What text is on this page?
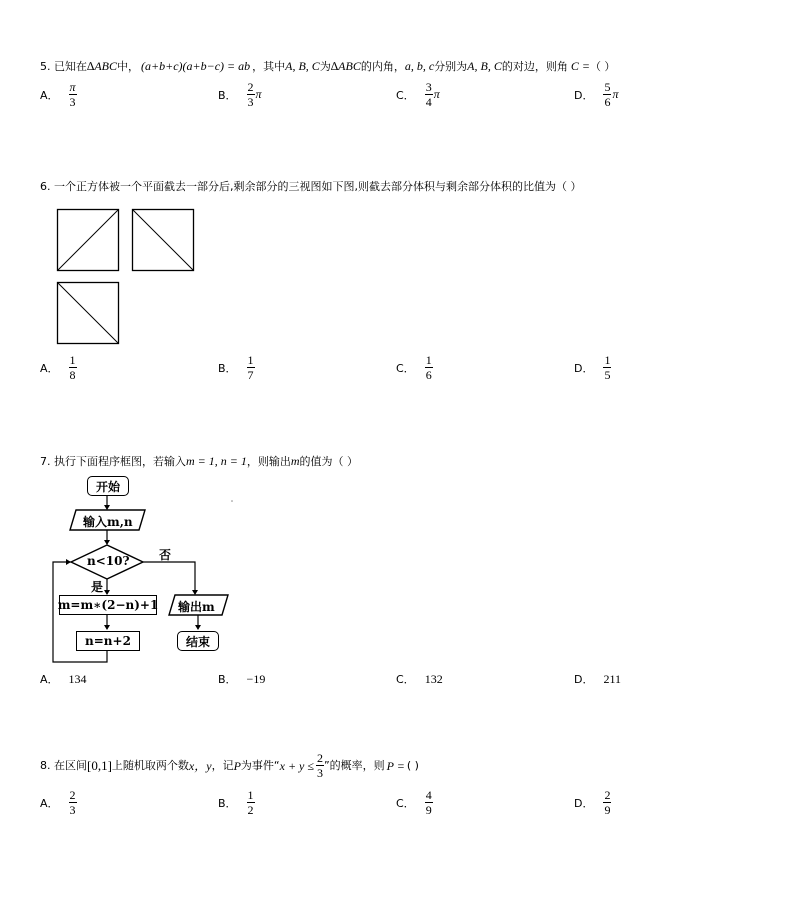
5. 已知在∆ABC中， (a+b+c)(a+b−c) = ab ，其中A, B, C为∆ABC的内角，a, b, c分别为A, B, C的对边，则角 C =（ ）
A． $\frac{\pi}{3}$	B． $\frac{2}{3}$ π	C． $\frac{3}{4}$ π	D． $\frac{5}{6}$ π
6. 一个正方体被一个平面截去一部分后,剩余部分的三视图如下图,则截去部分体积与剩余部分体积的比值为（ ）
A． $\frac{1}{8}$	B． $\frac{1}{7}$	C． $\frac{1}{6}$	D． $\frac{1}{5}$
7. 执行下面程序框图，若输入m = 1, n = 1，则输出m的值为（ ）
开始
输入m,n
n<10? 否
是
m=m∗(2−n)+1 输出m
n=n+2	结束
A． 134	B． −19	C． 132	D． 211
8. 在区间 [0,1] 上随机取两个数 x，y ，记 P 为事件“ $x + y \le \frac{2}{3}$ ”的概率，则 P = ( )
A． $\frac{2}{3}$	B． $\frac{1}{2}$	C． $\frac{4}{9}$	D． $\frac{2}{9}$
